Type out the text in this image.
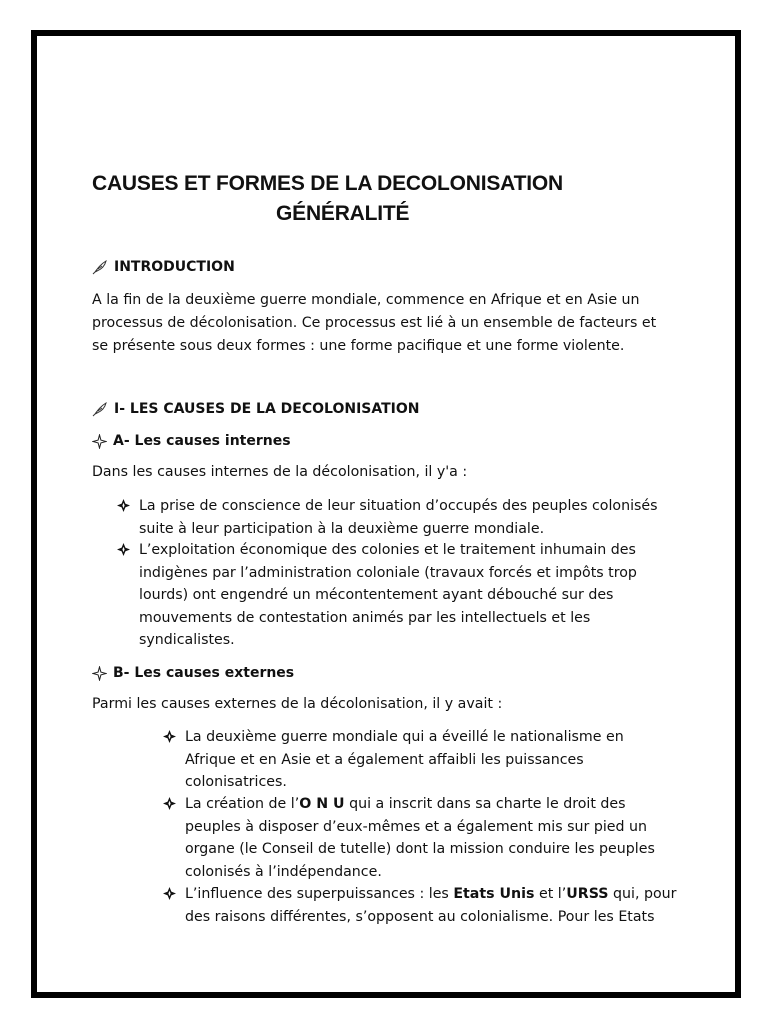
CAUSES ET FORMES DE LA DECOLONISATION
GÉNÉRALITÉ
INTRODUCTION
A la fin de la deuxième guerre mondiale, commence en Afrique et en Asie un
processus de décolonisation. Ce processus est lié à un ensemble de facteurs et
se présente sous deux formes : une forme pacifique et une forme violente.
I- LES CAUSES DE LA DECOLONISATION
A- Les causes internes
Dans les causes internes de la décolonisation, il y'a :
La prise de conscience de leur situation d’occupés des peuples colonisés
suite à leur participation à la deuxième guerre mondiale.
L’exploitation économique des colonies et le traitement inhumain des
indigènes par l’administration coloniale (travaux forcés et impôts trop
lourds) ont engendré un mécontentement ayant débouché sur des
mouvements de contestation animés par les intellectuels et les
syndicalistes.
B- Les causes externes
Parmi les causes externes de la décolonisation, il y avait :
La deuxième guerre mondiale qui a éveillé le nationalisme en
Afrique et en Asie et a également affaibli les puissances
colonisatrices.
La création de l’O N U qui a inscrit dans sa charte le droit des
peuples à disposer d’eux-mêmes et a également mis sur pied un
organe (le Conseil de tutelle) dont la mission conduire les peuples
colonisés à l’indépendance.
L’influence des superpuissances : les Etats Unis et l’URSS qui, pour
des raisons différentes, s’opposent au colonialisme. Pour les Etats
